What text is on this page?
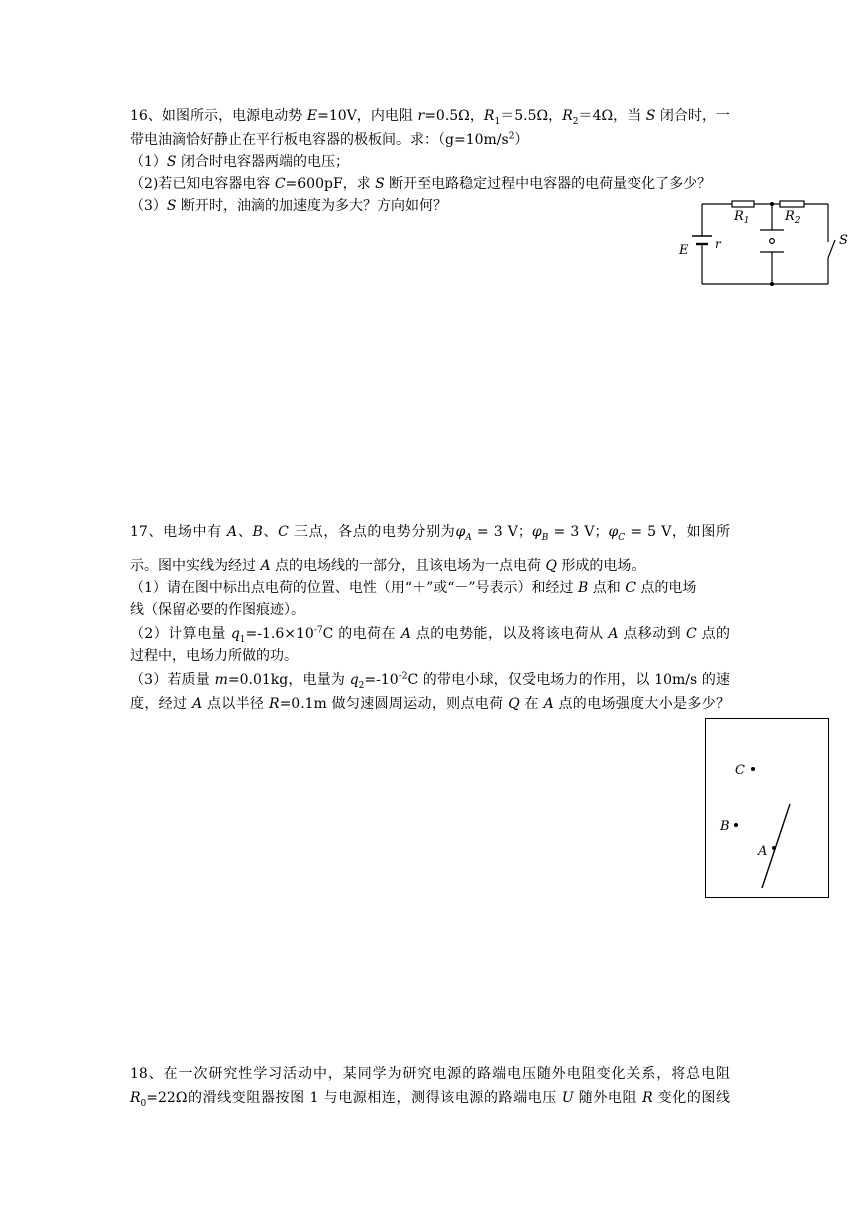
16、如图所示，电源电动势 E=10V，内电阻 r=0.5Ω，$R_1=5.5\Omega$，$R_2=4\Omega$，当 S 闭合时，一
带电油滴恰好静止在平行板电容器的极板间。求：$(g=10m/s^2)$
（1）S 闭合时电容器两端的电压；
（2)若已知电容器电容 C=600pF，求 S 断开至电路稳定过程中电容器的电荷量变化了多少？
（3）S 断开时，油滴的加速度为多大？方向如何？
$R_1$	$R_2$
E r	S
17、电场中有 A、B、C 三点，各点的电势分别为$\varphi_A = 3$ V；$\varphi_B = 3$ V；$\varphi_C = 5$ V，如图所
示。图中实线为经过 A 点的电场线的一部分，且该电场为一点电荷 Q 形成的电场。
（1）请在图中标出点电荷的位置、电性（用“＋”或“－”号表示）和经过 B 点和 C 点的电场
线（保留必要的作图痕迹）。
（2）计算电量 $q_1=-1.6\times 10^{-7}C$ 的电荷在 A 点的电势能，以及将该电荷从 A 点移动到 C 点的
过程中，电场力所做的功。
（3）若质量 m=0.01kg，电量为 $q_2=-10^{-2}C$ 的带电小球，仅受电场力的作用，以 10m/s 的速
度，经过 A 点以半径 R=0.1m 做匀速圆周运动，则点电荷 Q 在 A 点的电场强度大小是多少？
C
B
A
18、在一次研究性学习活动中，某同学为研究电源的路端电压随外电阻变化关系，将总电阻
$R_0=22\Omega$的滑线变阻器按图 1 与电源相连，测得该电源的路端电压 U 随外电阻 R 变化的图线
